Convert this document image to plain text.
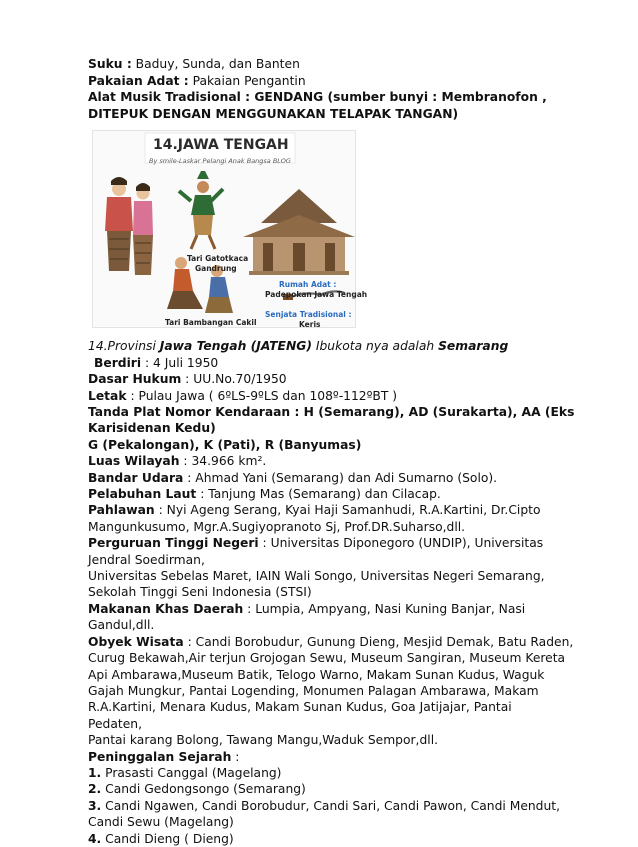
Suku : Baduy, Sunda, dan Banten
Pakaian Adat : Pakaian Pengantin
Alat Musik Tradisional : GENDANG (sumber bunyi : Membranofon ,
DITEPUK DENGAN MENGGUNAKAN TELAPAK TANGAN)
14.JAWA TENGAH
By smile-Laskar Pelangi Anak Bangsa BLOG
Tari Gatotkaca
Gandrung
Rumah Adat :
Padepokan Jawa Tengah
Senjata Tradisional :
Keris
Tari Bambangan Cakil
14.Provinsi Jawa Tengah (JATENG) Ibukota nya adalah Semarang
Berdiri : 4 Juli 1950
Dasar Hukum : UU.No.70/1950
Letak : Pulau Jawa ( 6ºLS-9ºLS dan 108º-112ºBT )
Tanda Plat Nomor Kendaraan : H (Semarang), AD (Surakarta), AA (Eks
Karisidenan Kedu)
G (Pekalongan), K (Pati), R (Banyumas)
Luas Wilayah : 34.966 km².
Bandar Udara : Ahmad Yani (Semarang) dan Adi Sumarno (Solo).
Pelabuhan Laut : Tanjung Mas (Semarang) dan Cilacap.
Pahlawan : Nyi Ageng Serang, Kyai Haji Samanhudi, R.A.Kartini, Dr.Cipto
Mangunkusumo, Mgr.A.Sugiyopranoto Sj, Prof.DR.Suharso,dll.
Perguruan Tinggi Negeri : Universitas Diponegoro (UNDIP), Universitas
Jendral Soedirman,
Universitas Sebelas Maret, IAIN Wali Songo, Universitas Negeri Semarang,
Sekolah Tinggi Seni Indonesia (STSI)
Makanan Khas Daerah : Lumpia, Ampyang, Nasi Kuning Banjar, Nasi
Gandul,dll.
Obyek Wisata : Candi Borobudur, Gunung Dieng, Mesjid Demak, Batu Raden,
Curug Bekawah,Air terjun Grojogan Sewu, Museum Sangiran, Museum Kereta
Api Ambarawa,Museum Batik, Telogo Warno, Makam Sunan Kudus, Waguk
Gajah Mungkur, Pantai Logending, Monumen Palagan Ambarawa, Makam
R.A.Kartini, Menara Kudus, Makam Sunan Kudus, Goa Jatijajar, Pantai
Pedaten,
Pantai karang Bolong, Tawang Mangu,Waduk Sempor,dll.
Peninggalan Sejarah :
1. Prasasti Canggal (Magelang)
2. Candi Gedongsongo (Semarang)
3. Candi Ngawen, Candi Borobudur, Candi Sari, Candi Pawon, Candi Mendut,
Candi Sewu (Magelang)
4. Candi Dieng ( Dieng)
